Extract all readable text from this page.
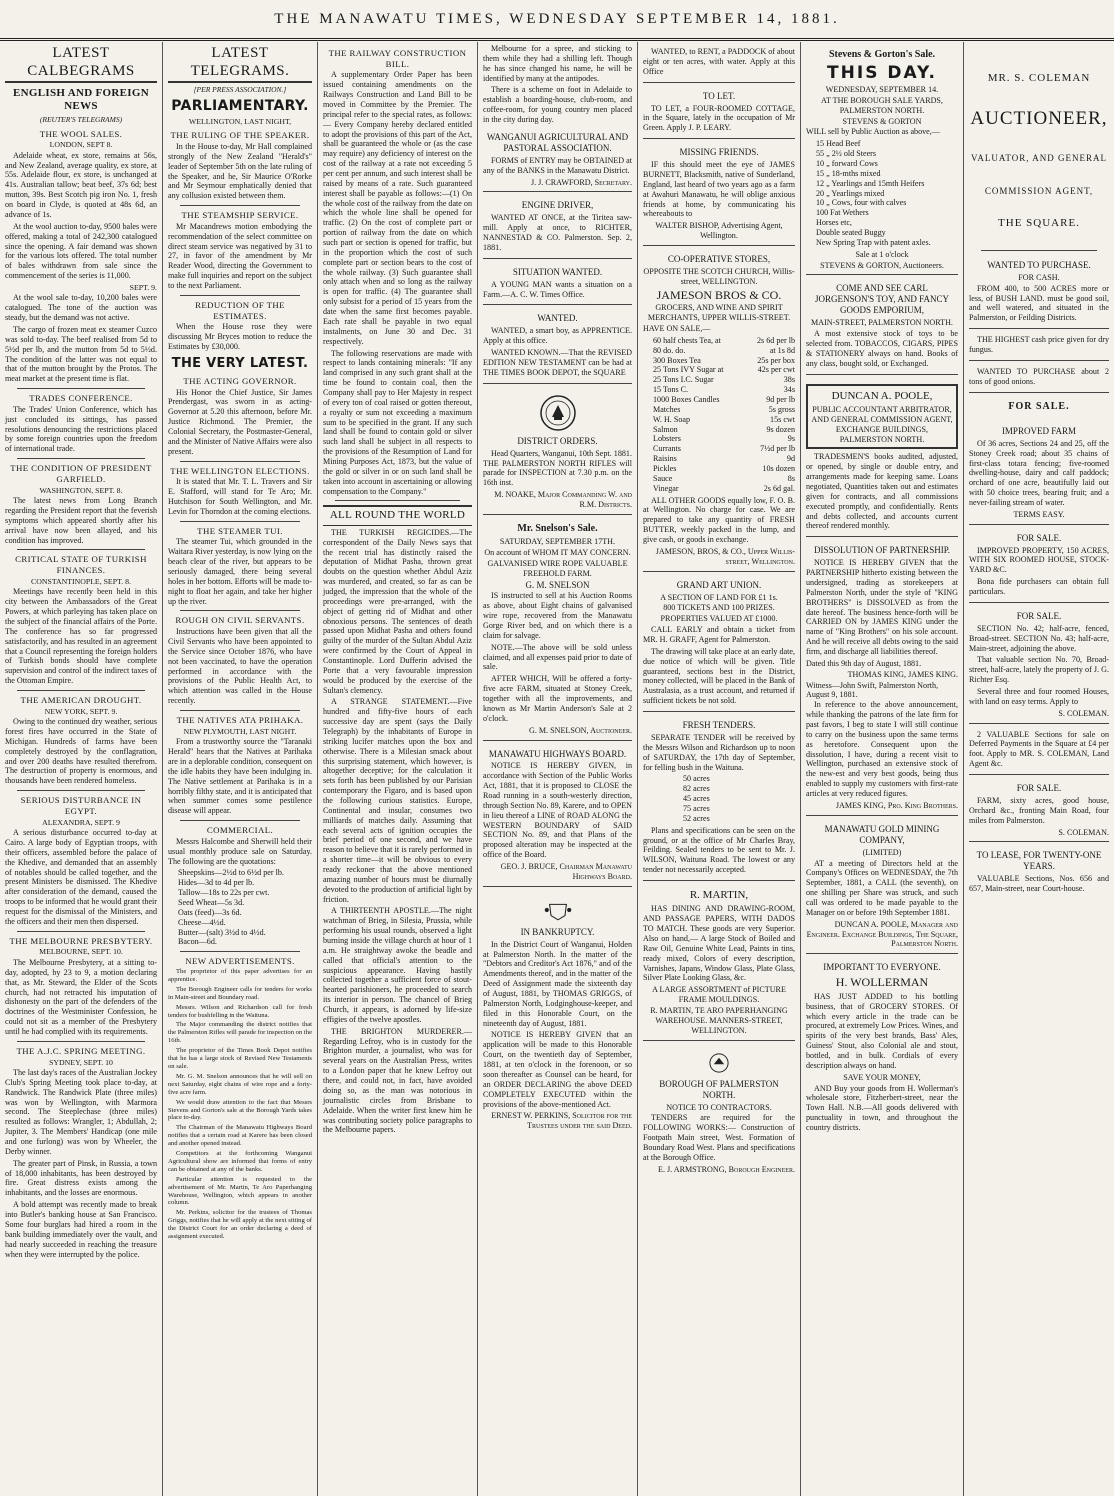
THE MANAWATU TIMES, WEDNESDAY SEPTEMBER 14, 1881.
LATEST CALBEGRAMS
ENGLISH AND FOREIGN NEWS
(REUTER'S TELEGRAMS)
THE WOOL SALES.
LONDON, SEPT 8.

Adelaide wheat, ex store, remains at 56s, and New Zealand, average quality, ex store, at 55s. Adelaide flour, ex store, is unchanged at 41s. Australian tallow; beat beef, 37s 6d; best mutton, 39s. Best Scotch pig iron No. 1, fresh on board in Clyde, is quoted at 48s 6d, an advance of 1s.

At the wool auction to-day, 9500 bales were offered, making a total of 242,300 catalogued since the opening. A fair demand was shown for the various lots offered. The total number of bales withdrawn from sale since the commencement of the series is 11,000.

SEPT. 9.

At the wool sale to-day, 10,200 bales were catalogued. The tone of the auction was steady, but the demand was not active.

The cargo of frozen meat ex steamer Cuzco was sold to-day. The beef realised from 5d to 5½d per lb, and the mutton from 5d to 5½d. The condition of the latter was not equal to that of the mutton brought by the Protos. The meat market at the present time is flat.

TRADES CONFERENCE.

The Trades' Union Conference, which has just concluded its sittings, has passed resolutions denouncing the restrictions placed by some foreign countries upon the freedom of international trade.

THE CONDITION OF PRESIDENT GARFIELD.
WASHINGTON, SEPT. 8.

The latest news from Long Branch regarding the President report that the feverish symptoms which appeared shortly after his arrival have now been allayed, and his condition has improved.

CRITICAL STATE OF TURKISH FINANCES.
CONSTANTINOPLE, SEPT. 8.

Meetings have recently been held in this city between the Ambassadors of the Great Powers, at which parleying has taken place on the subject of the financial affairs of the Porte. The conference has so far progressed satisfactorily, and has resulted in an agreement that a Council representing the foreign holders of Turkish bonds should have complete supervision and control of the indirect taxes of the Ottoman Empire.

THE AMERICAN DROUGHT.
NEW YORK, SEPT. 9.

Owing to the continued dry weather, serious forest fires have occurred in the State of Michigan. Hundreds of farms have been completely destroyed by the conflagration, and over 200 deaths have resulted therefrom. The destruction of property is enormous, and thousands have been rendered homeless.

SERIOUS DISTURBANCE IN EGYPT.
ALEXANDRA, SEPT. 9

A serious disturbance occurred to-day at Cairo. A large body of Egyptian troops, with their officers, assembled before the palace of the Khedive, and demanded that an assembly of notables should be called together, and the present Ministers be dismissed. The Khedive after consideration of the demand, caused the troops to be informed that he would grant their request for the dismissal of the Ministers, and the officers and their men then dispersed.

THE MELBOURNE PRESBYTERY.
MELBOURNE, SEPT. 10.

The Melbourne Presbytery, at a sitting to-day, adopted, by 23 to 9, a motion declaring that, as Mr. Steward, the Elder of the Scots church, had not retracted his imputation of dishonesty on the part of the defenders of the doctrines of the Westminister Confession, he could not sit as a member of the Presbytery until he had complied with its requirements.

THE A.J.C. SPRING MEETING.
SYDNEY, SEPT. 10

The last day's races of the Australian Jockey Club's Spring Meeting took place to-day, at Randwick. The Randwick Plate (three miles) was won by Wellington, with Marmora second. The Steeplechase (three miles) resulted as follows: Wrangler, 1; Abdullah, 2; Jupiter, 3. The Members' Handicap (one mile and one furlong) was won by Wheeler, the Derby winner.

The greater part of Pinsk, in Russia, a town of 18,000 inhabitants, has been destroyed by fire. Great distress exists among the inhabitants, and the losses are enormous.

A bold attempt was recently made to break into Butler's banking house at San Francisco. Some four burglars had hired a room in the bank building immediately over the vault, and had nearly succeeded in reaching the treasure when they were interrupted by the police.

LATEST TELEGRAMS.
[PER PRESS ASSOCIATION.]
PARLIAMENTARY.
WELLINGTON, LAST NIGHT,
THE RULING OF THE SPEAKER.

In the House to-day, Mr Hall complained strongly of the New Zealand "Herald's" leader of September 5th on the late ruling of the Speaker, and he, Sir Maurice O'Rorke and Mr Seymour emphatically denied that any collusion existed between them.

THE STEAMSHIP SERVICE.

Mr Macandrews motion embodying the recommendation of the select committee on direct steam service was negatived by 31 to 27, in favor of the amendment by Mr Reader Wood, directing the Government to make full inquiries and report on the subject to the next Parliament.

REDUCTION OF THE ESTIMATES.

When the House rose they were discussing Mr Bryces motion to reduce the Estimates by £30,000.

THE VERY LATEST.
THE ACTING GOVERNOR.

His Honor the Chief Justice, Sir James Prendergast, was sworn in as acting-Governor at 5.20 this afternoon, before Mr. Justice Richmond. The Premier, the Colonial Secretary, the Postmaster-General, and the Minister of Native Affairs were also present.

THE WELLINGTON ELECTIONS.

It is stated that Mr. T. L. Travers and Sir E. Stafford, will stand for Te Aro; Mr. Hutchison for South Wellington, and Mr. Levin for Thorndon at the coming elections.

THE STEAMER TUI.

The steamer Tui, which grounded in the Waitara River yesterday, is now lying on the beach clear of the river, but appears to be seriously damaged, there being several holes in her bottom. Efforts will be made to-night to float her again, and take her higher up the river.

ROUGH ON CIVIL SERVANTS.

Instructions have been given that all the Civil Servants who have been appointed to the Service since October 1876, who have not been vaccinated, to have the operation performed in accordance with the provisions of the Public Health Act, to which attention was called in the House recently.

THE NATIVES ATA PRIHAKA.
NEW PLYMOUTH, LAST NIGHT.

From a trustworthy source the "Taranaki Herald" hears that the Natives at Parihaka are in a deplorable condition, consequent on the idle habits they have been indulging in. The Native settlement at Parihaka is in a horribly filthy state, and it is anticipated that when summer comes some pestilence disease will appear.

COMMERCIAL.

Messrs Halcombe and Sherwill held their usual monthly produce sale on Saturday. The following are the quotations:

Sheepskins—2½d to 6½d per lb.
Hides—3d to 4d per lb.
Tallow—18s to 22s per cwt.
Seed Wheat—5s 3d.
Oats (feed)—3s 6d.
Cheese—4½d.
Butter—(salt) 3½d to 4½d.
Bacon—6d.
NEW ADVERTISEMENTS.

The proprietor of this paper advertises for an apprentice.

The Borough Engineer calls for tenders for works in Main-street and Boundary road.

Messrs. Wilson and Richardson call for fresh tenders for bushfelling in the Waituna.

The Major commanding the district notifies that the Palmerston Rifles will parade for inspection on the 16th.

The proprietor of the Times Book Depot notifies that he has a large stock of Revised New Testaments on sale.

Mr. G. M. Snelson announces that he will sell on next Saturday, eight chains of wire rope and a forty-five acre farm.

We would draw attention to the fact that Messrs Stevens and Gorton's sale at the Borough Yards takes place to-day.

The Chairman of the Manawatu Highways Board notifies that a certain road at Karere has been closed and another opened instead.

Competitors at the forthcoming Wanganui Agricultural show are informed that forms of entry can be obtained at any of the banks.

Particular attention is requested to the advertisement of Mr. Martin, Te Aro Paperhanging Warehouse, Wellington, which appears in another column.

Mr. Perkins, solicitor for the trustees of Thomas Griggs, notifies that he will apply at the next sitting of the District Court for an order declaring a deed of assignment executed.

THE RAILWAY CONSTRUCTION BILL.

A supplementary Order Paper has been issued containing amendments on the Railways Construction and Land Bill to be moved in Committee by the Premier. The principal refer to the special rates, as follows:— Every Company hereby declared entitled to adopt the provisions of this part of the Act, shall be guaranteed the whole or (as the case may require) any deficiency of interest on the cost of the railway at a rate not exceeding 5 per cent per annum, and such interest shall be raised by means of a rate. Such guaranteed interest shall be payable as follows:—(1) On the whole cost of the railway from the date on which the whole line shall be opened for traffic. (2) On the cost of complete part or portion of railway from the date on which such part or section is opened for traffic, but in the proportion which the cost of such complete part or section bears to the cost of the whole railway. (3) Such guarantee shall only attach when and so long as the railway is open for traffic. (4) The guarantee shall only subsist for a period of 15 years from the date when the same first becomes payable. Each rate shall be payable in two equal instalments, on June 30 and Dec. 31 respectively.

The following reservations are made with respect to lands containing minerals: "If any land comprised in any such grant shall at the time be found to contain coal, then the Company shall pay to Her Majesty in respect of every ton of coal raised or gotten thereout, a royalty or sum not exceeding a maximum sum to be specified in the grant. If any such land shall be found to contain gold or silver such land shall be subject in all respects to the provisions of the Resumption of Land for Mining Purposes Act, 1873, but the value of the gold or silver in or on such land shall be taken into account in ascertaining or allowing compensation to the Company."

ALL ROUND THE WORLD

THE TURKISH REGICIDES.—The correspondent of the Daily News says that the recent trial has distinctly raised the deputation of Midhat Pasha, thrown great doubts on the question whether Abdul Aziz was murdered, and created, so far as can be judged, the impression that the whole of the proceedings were pre-arranged, with the object of getting rid of Midhat and other obnoxious persons. The sentences of death passed upon Midhat Pasha and others found guilty of the murder of the Sultan Abdul Aziz were confirmed by the Court of Appeal in Constantinople. Lord Dufferin advised the Porte that a very favourable impression would be produced by the exercise of the Sultan's clemency.

A STRANGE STATEMENT.—Five hundred and fifty-five hours of each successive day are spent (says the Daily Telegraph) by the inhabitants of Europe in striking lucifer matches upon the box and otherwise. There is a Milesian smack about this surprising statement, which however, is altogether deceptive; for the calculation it sets forth has been published by our Parisian contemporary the Figaro, and is based upon the following curious statistics. Europe, Continental and insular, consumes two milliards of matches daily. Assuming that each several acts of ignition occupies the brief period of one second, and we have reason to believe that it is rarely performed in a shorter time—it will be obvious to every ready reckoner that the above mentioned amazing number of hours must be diurnally devoted to the production of artificial light by friction.

A THIRTEENTH APOSTLE.—The night watchman of Brieg, in Silesia, Prussia, while performing his usual rounds, observed a light burning inside the village church at hour of 1 a.m. He straightway awoke the beadle and called that official's attention to the suspicious appearance. Having hastily collected together a sufficient force of stout-hearted parishioners, he proceeded to search its interior in person. The chancel of Brieg Church, it appears, is adorned by life-size effigies of the twelve apostles.

THE BRIGHTON MURDERER.—Regarding Lefroy, who is in custody for the Brighton murder, a journalist, who was for several years on the Australian Press, writes to a London paper that he knew Lefroy out there, and could not, in fact, have avoided doing so, as the man was notorious in journalistic circles from Brisbane to Adelaide. When the writer first knew him he was contributing society police paragraphs to the Melbourne papers.

Melbourne for a spree, and sticking to them while they had a shilling left. Though he has since changed his name, he will be identified by many at the antipodes.

There is a scheme on foot in Adelaide to establish a boarding-house, club-room, and coffee-room, for young country men placed in the city during day.

WANGANUI AGRICULTURAL AND PASTORAL ASSOCIATION.

FORMS of ENTRY may be OBTAINED at any of the BANKS in the Manawatu District.

J. J. CRAWFORD, Secretary.
ENGINE DRIVER,

WANTED AT ONCE, at the Tiritea saw-mill. Apply at once, to RICHTER, NANNESTAD & CO. Palmerston. Sep. 2, 1881.

SITUATION WANTED.

A YOUNG MAN wants a situation on a Farm.—A. C. W. Times Office.

WANTED.

WANTED, a smart boy, as APPRENTICE. Apply at this office.

WANTED KNOWN.—That the REVISED EDITION NEW TESTAMENT can be had at THE TIMES BOOK DEPOT, the SQUARE

DISTRICT ORDERS.

Head Quarters, Wanganui, 10th Sept. 1881. THE PALMERSTON NORTH RIFLES will parade for INSPECTION at 7.30 p.m. on the 16th inst.

M. NOAKE, Major Commanding W. and R.M. Districts.
Mr. Snelson's Sale.
SATURDAY, SEPTEMBER 17TH.
On account of WHOM IT MAY CONCERN.
GALVANISED WIRE ROPE VALUABLE FREEHOLD FARM.
G. M. SNELSON

IS instructed to sell at his Auction Rooms as above, about Eight chains of galvanised wire rope, recovered from the Manawatu Gorge River bed, and on which there is a claim for salvage.

NOTE.—The above will be sold unless claimed, and all expenses paid prior to date of sale.

AFTER WHICH, Will be offered a forty-five acre FARM, situated at Stoney Creek, together with all the improvements, and known as Mr Martin Anderson's Sale at 2 o'clock.

G. M. SNELSON, Auctioneer.
MANAWATU HIGHWAYS BOARD.

NOTICE IS HEREBY GIVEN, in accordance with Section of the Public Works Act, 1881, that it is proposed to CLOSE the Road running in a south-westerly direction, through Section No. 89, Karere, and to OPEN in lieu thereof a LINE of ROAD ALONG the WESTERN BOUNDARY of SAID SECTION No. 89, and that Plans of the proposed alteration may be inspected at the office of the Board.

GEO. J. BRUCE, Chairman Manawatu Highways Board.
IN BANKRUPTCY.

In the District Court of Wanganui, Holden at Palmerston North. In the matter of the "Debtors and Creditor's Act 1876," and of the Amendments thereof, and in the matter of the Deed of Assignment made the sixteenth day of August, 1881, by THOMAS GRIGGS, of Palmerston North, Lodginghouse-keeper, and filed in this Honorable Court, on the nineteenth day of August, 1881.

NOTICE IS HEREBY GIVEN that an application will be made to this Honorable Court, on the twentieth day of September, 1881, at ten o'clock in the forenoon, or so soon thereafter as Counsel can be heard, for an ORDER DECLARING the above DEED COMPLETELY EXECUTED within the provisions of the above-mentioned Act.

ERNEST W. PERKINS, Solicitor for the Trustees under the said Deed.

WANTED, to RENT, a PADDOCK of about eight or ten acres, with water. Apply at this Office

TO LET.

TO LET, a FOUR-ROOMED COTTAGE, in the Square, lately in the occupation of Mr Green. Apply J. P. LEARY.

MISSING FRIENDS.

IF this should meet the eye of JAMES BURNETT, Blacksmith, native of Sunderland, England, last heard of two years ago as a farm at Awahuri Manawatu, he will oblige anxious friends at home, by communicating his whereabouts to

WALTER BISHOP, Advertising Agent, Wellington.
CO-OPERATIVE STORES,
OPPOSITE THE SCOTCH CHURCH, Willis-street, WELLINGTON.
JAMESON BROS & CO.
GROCERS, AND WINE AND SPIRIT MERCHANTS, UPPER WILLIS-STREET.
HAVE ON SALE,—
60 half chests Tea, at	2s 6d per lb
80 do. do.	at 1s 8d
300 Boxes Tea	25s per box
25 Tons IVY Sugar at	42s per cwt
25 Tons I.C. Sugar	38s
15 Tons C.	34s
1000 Boxes Candles	9d per lb
Matches	5s gross
W. H. Soap	15s cwt
Salmon	9s dozen
Lobsters	9s
Currants	7½d per lb
Raisins	9d
Pickles	10s dozen
Sauce	8s
Vinegar	2s 6d gal.

ALL OTHER GOODS equally low, F. O. B. at Wellington. No charge for case. We are prepared to take any quantity of FRESH BUTTER, weekly packed in the lump, and give cash, or goods in exchange.

JAMESON, BROS, & CO., Upper Willis-street, Wellington.
GRAND ART UNION.
A SECTION OF LAND FOR £1 1s.
800 TICKETS AND 100 PRIZES.
PROPERTIES VALUED AT £1000.

CALL EARLY and obtain a ticket from MR. H. GRAFF, Agent for Palmerston.

The drawing will take place at an early date, due notice of which will be given. Title guaranteed, sections best in the District, money collected, will be placed in the Bank of Australasia, as a trust account, and returned if sufficient tickets be not sold.

FRESH TENDERS.

SEPARATE TENDER will be received by the Messrs Wilson and Richardson up to noon of SATURDAY, the 17th day of September, for felling bush in the Waituna.

50 acres
82 acres
45 acres
75 acres
52 acres

Plans and specifications can be seen on the ground, or at the office of Mr Charles Bray, Feilding. Sealed tenders to be sent to Mr. J. WILSON, Waituna Road. The lowest or any tender not necessarily accepted.

R. MARTIN,

HAS DINING AND DRAWING-ROOM, AND PASSAGE PAPERS, WITH DADOS TO MATCH. These goods are very Superior. Also on hand,— A large Stock of Boiled and Raw Oil, Genuine White Lead, Paints in tins, ready mixed, Colors of every description, Varnishes, Japans, Window Glass, Plate Glass, Silver Plate Looking Glass, &c.

A LARGE ASSORTMENT of PICTURE FRAME MOULDINGS.
R. MARTIN, TE ARO PAPERHANGING WAREHOUSE. MANNERS-STREET, WELLINGTON.
BOROUGH OF PALMERSTON NORTH.
NOTICE TO CONTRACTORS.

TENDERS are required for the FOLLOWING WORKS:— Construction of Footpath Main street, West. Formation of Boundary Road West. Plans and specifications at the Borough Office.

E. J. ARMSTRONG, Borough Engineer.
Stevens & Gorton's Sale.
THIS DAY.
WEDNESDAY, SEPTEMBER 14.
AT THE BOROUGH SALE YARDS, PALMERSTON NORTH.
STEVENS & GORTON
WILL sell by Public Auction as above,—
15 Head Beef
55 „ 2½ old Steers
10 „ forward Cows
15 „ 18-mths mixed
12 „ Yearlings and 15mth Heifers
20 „ Yearlings mixed
10 „ Cows, four with calves
100 Fat Wethers
Horses etc,
Double seated Buggy
New Spring Trap with patent axles.
Sale at 1 o'clock
STEVENS & GORTON, Auctioneers.
COME AND SEE CARL JORGENSON'S TOY, AND FANCY GOODS EMPORIUM,
MAIN-STREET, PALMERSTON NORTH.

A most extensive stock of toys to be selected from. TOBACCOS, CIGARS, PIPES & STATIONERY always on hand. Books of any class, bought sold, or Exchanged.

DUNCAN A. POOLE,
PUBLIC ACCOUNTANT ARBITRATOR, AND GENERAL COMMISSION AGENT, EXCHANGE BUILDINGS, PALMERSTON NORTH.

TRADESMEN'S books audited, adjusted, or opened, by single or double entry, and arrangements made for keeping same. Loans negotiated, Quantities taken out and estimates given for contracts, and all commissions executed promptly, and confidentially. Rents and debts collected, and accounts current thereof rendered monthly.

DISSOLUTION OF PARTNERSHIP.

NOTICE IS HEREBY GIVEN that the PARTNERSHIP hitherto existing between the undersigned, trading as storekeepers at Palmerston North, under the style of "KING BROTHERS" is DISSOLVED as from the date hereof. The business hence-forth will be CARRIED ON by JAMES KING under the name of "King Brothers" on his sole account. And he will receive all debts owing to the said firm, and discharge all liabilities thereof.

Dated this 9th day of August, 1881.
THOMAS KING, JAMES KING.
Witness—John Swift, Palmerston North, August 9, 1881.

In reference to the above announcement, while thanking the patrons of the late firm for past favors, I beg to state I will still continue to carry on the business upon the same terms as heretofore. Consequent upon the dissolution, I have, during a recent visit to Wellington, purchased an extensive stock of the new-est and very best goods, being thus enabled to supply my customers with first-rate articles at very reduced figures.

JAMES KING, Pro. King Brothers.
MANAWATU GOLD MINING COMPANY,
(LIMITED)

AT a meeting of Directors held at the Company's Offices on WEDNESDAY, the 7th September, 1881, a CALL (the seventh), on one shilling per Share was struck, and such call was ordered to be made payable to the Manager on or before 19th September 1881.

DUNCAN A. POOLE, Manager and Engineer. Exchange Buildings, The Square, Palmerston North.
IMPORTANT TO EVERYONE.
H. WOLLERMAN

HAS JUST ADDED to his bottling business, that of GROCERY STORES. Of which every article in the trade can be procured, at extremely Low Prices. Wines, and spirits of the very best brands, Bass' Ales, Guiness' Stout, also Colonial ale and stout, bottled, and in bulk. Cordials of every description always on hand.

SAVE YOUR MONEY,

AND Buy your goods from H. Wollerman's wholesale store, Fitzherbert-street, near the Town Hall. N.B.—All goods delivered with punctuality in town, and throughout the country districts.

MR. S. COLEMAN
AUCTIONEER,
VALUATOR, AND GENERAL
COMMISSION AGENT,
THE SQUARE.
WANTED TO PURCHASE.
FOR CASH.

FROM 400, to 500 ACRES more or less, of BUSH LAND. must be good soil, and well watered, and situated in the Palmerston, or Feilding Districts.

THE HIGHEST cash price given for dry fungus.

WANTED TO PURCHASE about 2 tons of good onions.

FOR SALE.
IMPROVED FARM

Of 36 acres, Sections 24 and 25, off the Stoney Creek road; about 35 chains of first-class totara fencing; five-roomed dwelling-house, dairy and calf paddock; orchard of one acre, beautifully laid out with 50 choice trees, bearing fruit; and a never-failing stream of water.

TERMS EASY.
FOR SALE.

IMPROVED PROPERTY, 150 ACRES, WITH SIX ROOMED HOUSE, STOCK-YARD &C.

Bona fide purchasers can obtain full particulars.

FOR SALE.

SECTION No. 42; half-acre, fenced, Broad-street. SECTION No. 43; half-acre, Main-street, adjoining the above.

That valuable section No. 70, Broad-street, half-acre, lately the property of J. G. Richter Esq.

Several three and four roomed Houses, with land on easy terms. Apply to

S. COLEMAN.

2 VALUABLE Sections for sale on Deferred Payments in the Square at £4 per foot. Apply to MR. S. COLEMAN, Land Agent &c.

FOR SALE.

FARM, sixty acres, good house, Orchard &c., fronting Main Road, four miles from Palmerston.

S. COLEMAN.
TO LEASE, FOR TWENTY-ONE YEARS.

VALUABLE Sections, Nos. 656 and 657, Main-street, near Court-house.
